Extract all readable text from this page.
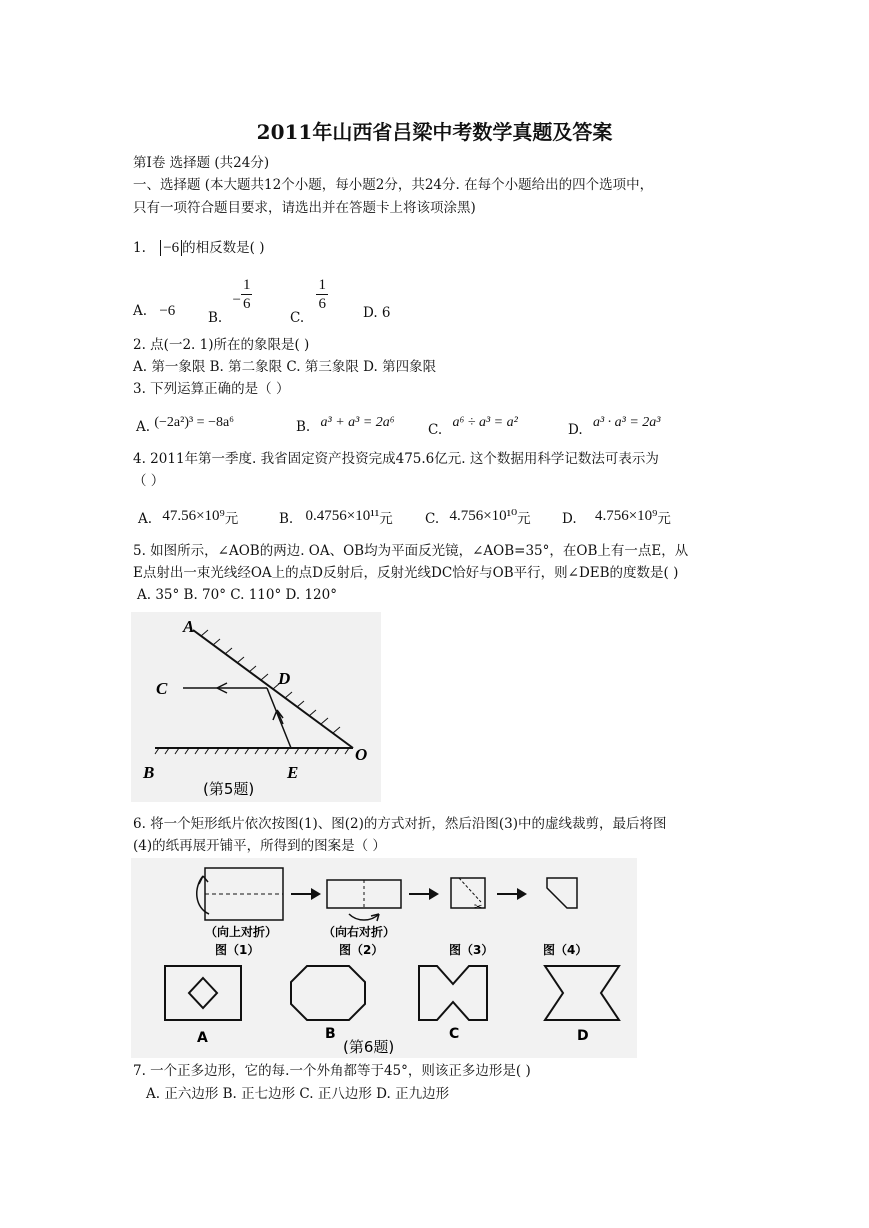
2011年山西省吕梁中考数学真题及答案
第Ⅰ卷 选择题 (共24分)
一、选择题 (本大题共12个小题，每小题2分，共24分. 在每个小题给出的四个选项中，
只有一项符合题目要求，请选出并在答题卡上将该项涂黑)
1. −6 的相反数是( )
A. −6 B. − $\frac{1}{6}$
C.
$\frac{1}{6}$	D. 6
2. 点(一2. 1)所在的象限是( )
A. 第一象限 B. 第二象限 C. 第三象限 D. 第四象限
3. 下列运算正确的是（ ）
A. (−2a²)³ = −8a⁶	B. a³ + a³ = 2a⁶ C. a⁶ ÷ a³ = a²	D. a³ · a³ = 2a³
4. 2011年第一季度. 我省固定资产投资完成475.6亿元. 这个数据用科学记数法可表示为
（ ）
A. 47.56×10⁹元	B. 0.4756×10¹¹元 C. 4.756×10¹⁰元 D. 4.756×10⁹元
5. 如图所示，∠AOB的两边. OA、OB均为平面反光镜，∠AOB=35°，在OB上有一点E，从
E点射出一束光线经OA上的点D反射后，反射光线DC恰好与OB平行，则∠DEB的度数是( )
A. 35° B. 70° C. 110° D. 120°
A
C
D
O
B	E
(第5题)
6. 将一个矩形纸片依次按图(1)、图(2)的方式对折，然后沿图(3)中的虚线裁剪，最后将图
(4)的纸再展开铺平，所得到的图案是（ ）
✂
（向上对折）	（向右对折）
图（1）	图（2）	图（3）	图（4）
A	B	C	D
(第6题)
7. 一个正多边形，它的每.一个外角都等于45°，则该正多边形是( )
A. 正六边形 B. 正七边形 C. 正八边形 D. 正九边形
